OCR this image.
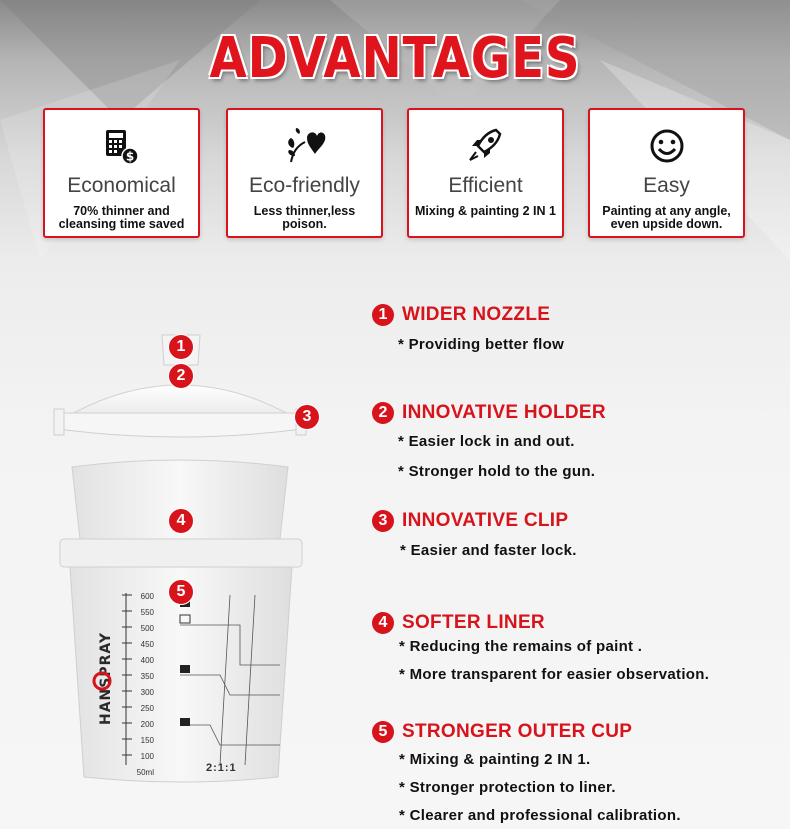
ADVANTAGES
$
Economical
70% thinner and cleansing time saved
Eco-friendly
Less thinner,less poison.
Efficient
Mixing & painting 2 IN 1
Easy
Painting at any angle, even upside down.
HANSPRAY
600
550
500
450
400
350
300
250
200
150
100
50ml	2:1:1
1
2
3
4
5
1 WIDER NOZZLE
* Providing better flow
2 INNOVATIVE HOLDER
* Easier lock in and out.
* Stronger hold to the gun.
3 INNOVATIVE CLIP
* Easier and faster lock.
4 SOFTER LINER
* Reducing the remains of paint .
* More transparent for easier observation.
5 STRONGER OUTER CUP
* Mixing & painting 2 IN 1.
* Stronger protection to liner.
* Clearer and professional calibration.
